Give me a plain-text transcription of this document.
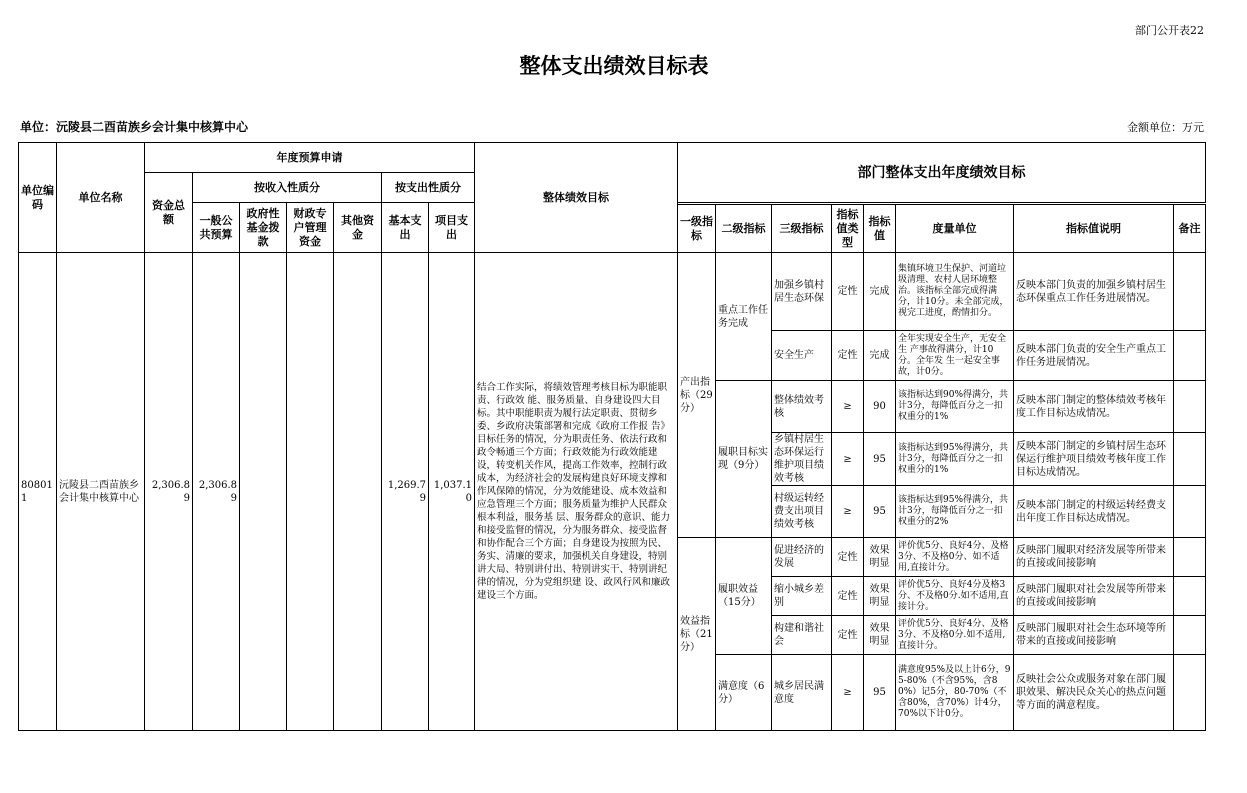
部门公开表22
整体支出绩效目标表
单位：沅陵县二酉苗族乡会计集中核算中心	金额单位：万元
单位编码	单位名称	年度预算申请							整体绩效目标	部门整体支出年度绩效目标							
		资金总额	按收入性质分				按支出性质分										
			一般公共预算	政府性基金拨款	财政专户管理资金	其他资金	基本支出	项目支出									
										一级指标	二级指标	三级指标	指标值类型	指标值	度量单位	指标值说明	备注
808011	沅陵县二酉苗族乡会计集中核算中心	2,306.89	2,306.89				1,269.79	1,037.10	结合工作实际，将绩效管理考核目标为职能职责、行政效 能、服务质量、自身建设四大目标。其中职能职责为履行法定职责、贯彻乡委、乡政府决策部署和完成《政府工作报 告》目标任务的情况，分为职责任务、依法行政和政令畅通三个方面；行政效能为行政效能建设，转变机关作风，提高工作效率，控制行政成本，为经济社会的发展构建良好环境支撑和作风保障的情况，分为效能建设、成本效益和应急管理三个方面；服务质量为维护人民群众根本利益，服务基 层、服务群众的意识、能力和接受监督的情况，分为服务群众、接受监督和协作配合三个方面；自身建设为按照为民、务实、清廉的要求，加强机关自身建设，特别讲大局、特别讲付出、特别讲实干、特别讲纪律的情况，分为党组织建 设、政风行风和廉政建设三个方面。	产出指标（29分）	重点工作任务完成	加强乡镇村居生态环保	定性	完成	集镇环境卫生保护、河道垃圾清理、农村人居环境整治。该指标全部完成得满分，计10分。未全部完成，视完工进度，酌情扣分。	反映本部门负责的加强乡镇村居生态环保重点工作任务进展情况。	
												安全生产	定性	完成	全年实现安全生产，无安全生 产事故得满分，计10分。全年发 生一起安全事故，计0分。	反映本部门负责的安全生产重点工作任务进展情况。	
											履职目标实现（9分）	整体绩效考核	≥	90	该指标达到90%得满分，共计3分，每降低百分之一扣权重分的1%	反映本部门制定的整体绩效考核年度工作目标达成情况。	
												乡镇村居生态环保运行维护项目绩效考核	≥	95	该指标达到95%得满分，共计3分，每降低百分之一扣权重分的1%	反映本部门制定的乡镇村居生态环保运行维护项目绩效考核年度工作目标达成情况。	
												村级运转经费支出项目绩效考核	≥	95	该指标达到95%得满分，共计3分，每降低百分之一扣权重分的2%	反映本部门制定的村级运转经费支出年度工作目标达成情况。	
										效益指标（21分）	履职效益（15分）	促进经济的发展	定性	效果明显	评价优5分、良好4分、及格3分、不及格0分、如不适用,直接计分。	反映部门履职对经济发展等所带来的直接或间接影响	
												缩小城乡差别	定性	效果明显	评价优5分、良好4分及格3分、不及格0分.如不适用,直接计分。	反映部门履职对社会发展等所带来的直接或间接影响	
												构建和谐社会	定性	效果明显	评价优5分、良好4分、及格3分、不及格0分.如不适用,直接计分。	反映部门履职对社会生态环境等所带来的直接或间接影响	
											满意度（6分）	城乡居民满意度	≥	95	满意度95%及以上计6分，95-80%（不含95%，含80%）记5分，80-70%（不含80%，含70%）计4分，70%以下计0分。	反映社会公众或服务对象在部门履职效果、解决民众关心的热点问题等方面的满意程度。	
